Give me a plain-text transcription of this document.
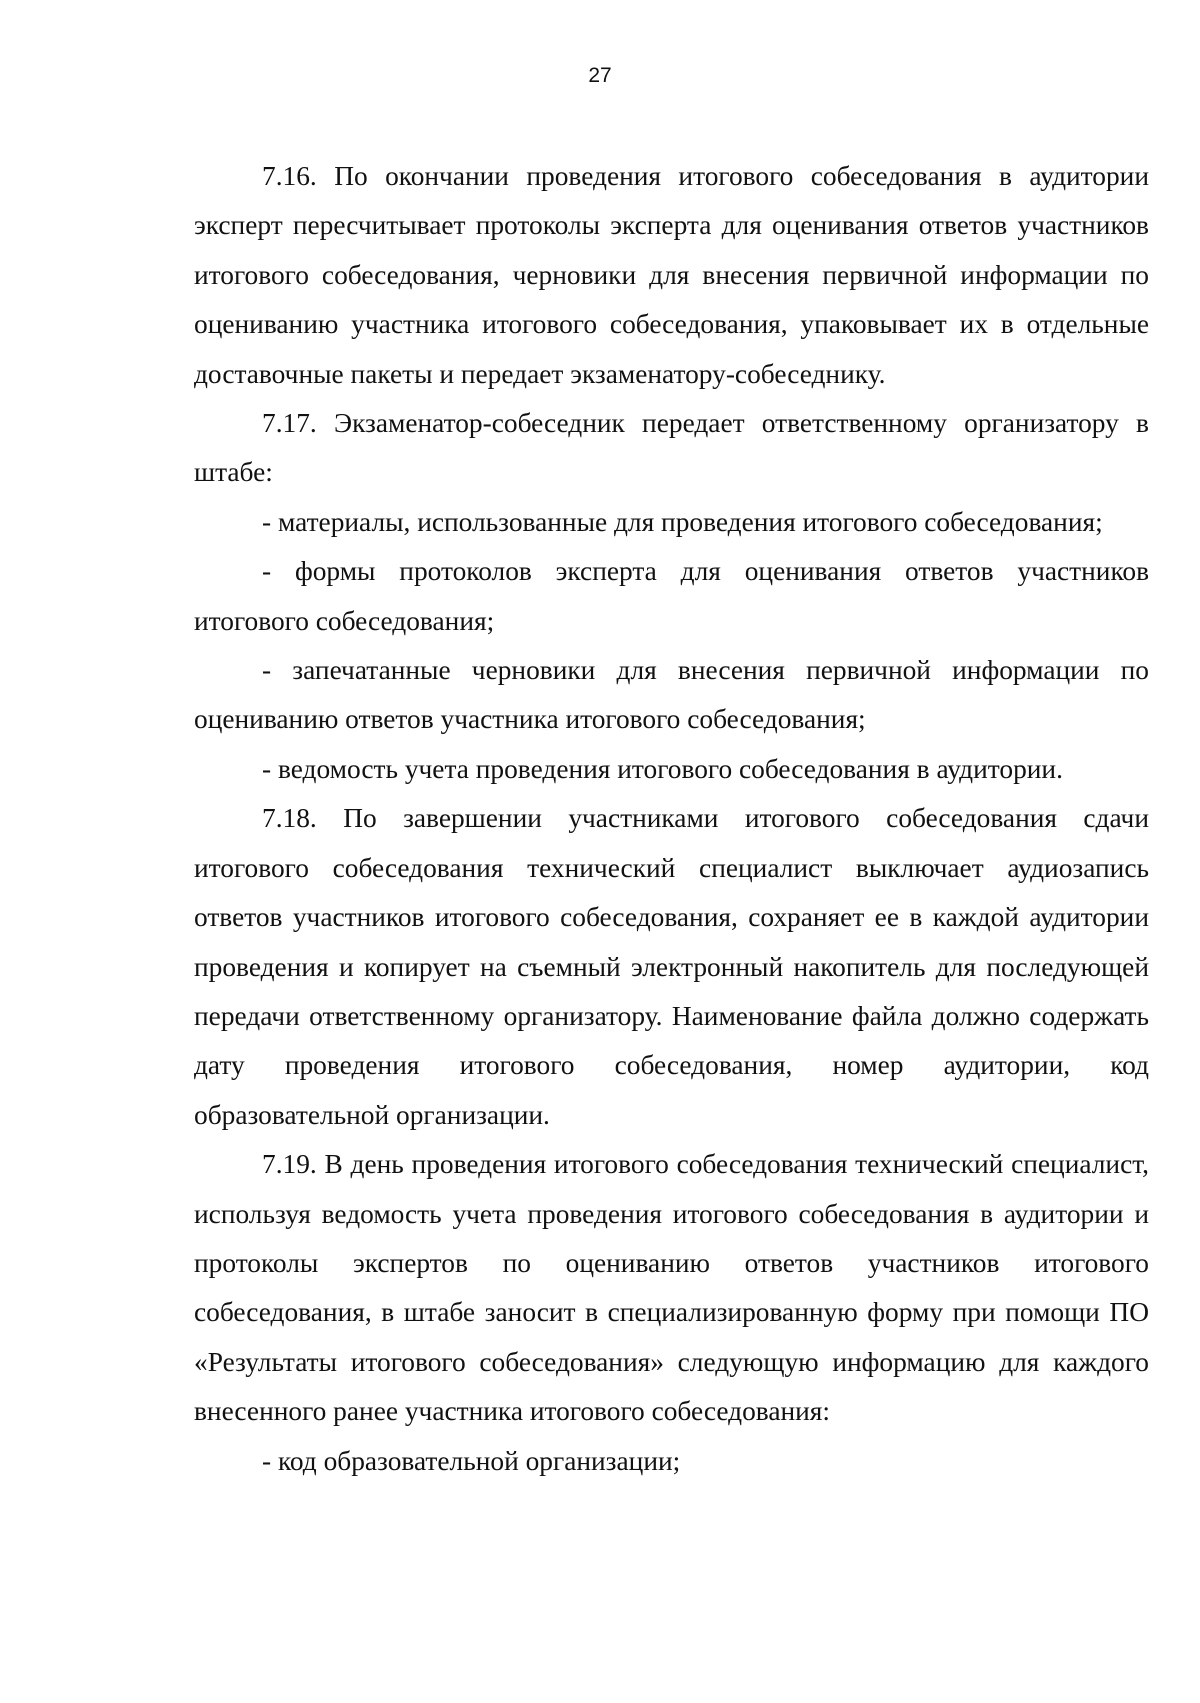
27

7.16. По окончании проведения итогового собеседования в аудитории эксперт пересчитывает протоколы эксперта для оценивания ответов участников итогового собеседования, черновики для внесения первичной информации по оцениванию участника итогового собеседования, упаковывает их в отдельные доставочные пакеты и передает экзаменатору-собеседнику.

7.17. Экзаменатор-собеседник передает ответственному организатору в штабе:

- материалы, использованные для проведения итогового собеседования;

- формы протоколов эксперта для оценивания ответов участников итогового собеседования;

- запечатанные черновики для внесения первичной информации по оцениванию ответов участника итогового собеседования;

- ведомость учета проведения итогового собеседования в аудитории.

7.18. По завершении участниками итогового собеседования сдачи итогового собеседования технический специалист выключает аудиозапись ответов участников итогового собеседования, сохраняет ее в каждой аудитории проведения и копирует на съемный электронный накопитель для последующей передачи ответственному организатору. Наименование файла должно содержать дату проведения итогового собеседования, номер аудитории, код образовательной организации.

7.19. В день проведения итогового собеседования технический специалист, используя ведомость учета проведения итогового собеседования в аудитории и протоколы экспертов по оцениванию ответов участников итогового собеседования, в штабе заносит в специализированную форму при помощи ПО «Результаты итогового собеседования» следующую информацию для каждого внесенного ранее участника итогового собеседования:

- код образовательной организации;
